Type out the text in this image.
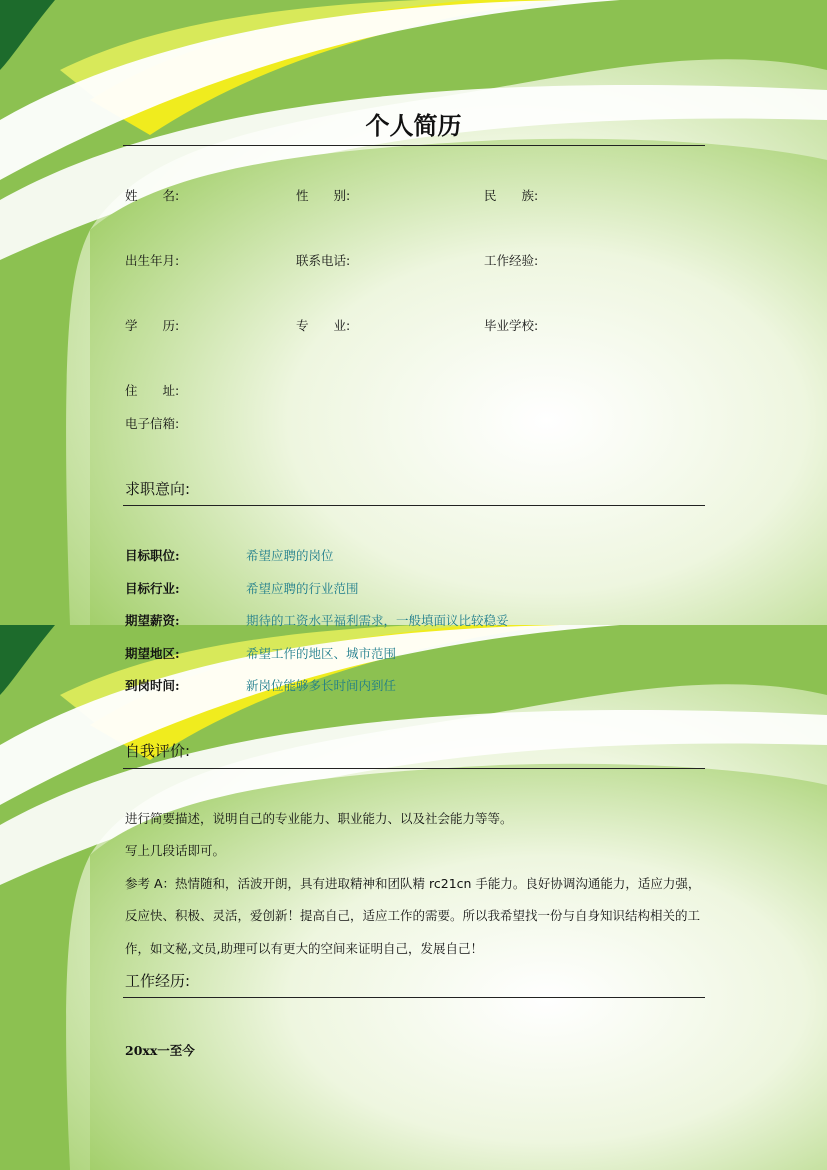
个人简历
姓　　名:	性　　别:	民　　族:
出生年月:	联系电话:	工作经验:
学　　历:	专　　业:	毕业学校:
住　　址:
电子信箱:
求职意向:
目标职位:	希望应聘的岗位
目标行业:	希望应聘的行业范围
期望薪资:	期待的工资水平福利需求，一般填面议比较稳妥
期望地区:	希望工作的地区、城市范围
到岗时间:	新岗位能够多长时间内到任
自我评价:
进行简要描述，说明自己的专业能力、职业能力、以及社会能力等等。
写上几段话即可。
参考 A：热情随和，活波开朗，具有进取精神和团队精 rc21cn 手能力。良好协调沟通能力，适应力强，
反应快、积极、灵活，爱创新！提高自己，适应工作的需要。所以我希望找一份与自身知识结构相关的工
作，如文秘,文员,助理可以有更大的空间来证明自己，发展自己！
工作经历:
20xx一至今
